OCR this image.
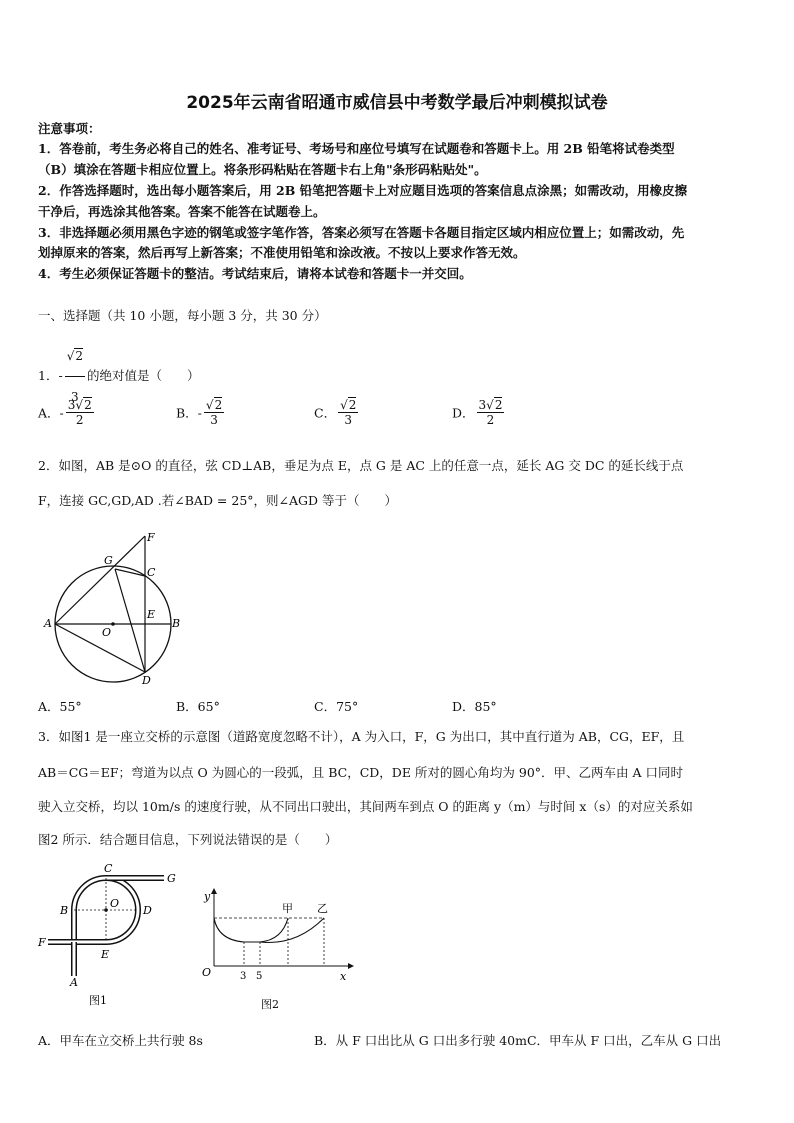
2025年云南省昭通市威信县中考数学最后冲刺模拟试卷
注意事项：
1．答卷前，考生务必将自己的姓名、准考证号、考场号和座位号填写在试题卷和答题卡上。用 2B 铅笔将试卷类型
（B）填涂在答题卡相应位置上。将条形码粘贴在答题卡右上角"条形码粘贴处"。
2．作答选择题时，选出每小题答案后，用 2B 铅笔把答题卡上对应题目选项的答案信息点涂黑；如需改动，用橡皮擦
干净后，再选涂其他答案。答案不能答在试题卷上。
3．非选择题必须用黑色字迹的钢笔或签字笔作答，答案必须写在答题卡各题目指定区域内相应位置上；如需改动，先
划掉原来的答案，然后再写上新答案；不准使用铅笔和涂改液。不按以上要求作答无效。
4．考生必须保证答题卡的整洁。考试结束后，请将本试卷和答题卡一并交回。
一、选择题（共 10 小题，每小题 3 分，共 30 分）
1．- $\frac{√2}{3}$ 的绝对值是（　　）
A．- $\frac{3√2}{2}$	B．- $\frac{√2}{3}$	C． $\frac{√2}{3}$	D． $\frac{3√2}{2}$
2．如图，AB 是⊙O 的直径，弦 CD⊥AB，垂足为点 E，点 G 是 AC 上的任意一点，延长 AG 交 DC 的延长线于点
F，连接 GC,GD,AD .若∠BAD = 25°，则∠AGD 等于（　　）
A	B
C
D
E
F
G
O
A．55°	B．65°	C．75°	D．85°
3．如图1 是一座立交桥的示意图（道路宽度忽略不计），A 为入口，F，G 为出口，其中直行道为 AB，CG，EF，且
AB＝CG＝EF；弯道为以点 O 为圆心的一段弧，且 BC，CD，DE 所对的圆心角均为 90°．甲、乙两车由 A 口同时
驶入立交桥，均以 10m/s 的速度行驶，从不同出口驶出，其间两车到点 O 的距离 y（m）与时间 x（s）的对应关系如
图2 所示．结合题目信息，下列说法错误的是（　　）
C
G
B
O
D
F
E
A
图1
y
x
O	3 5
甲 乙
图2
A．甲车在立交桥上共行驶 8s	B．从 F 口出比从 G 口出多行驶 40mC．甲车从 F 口出，乙车从 G 口出
